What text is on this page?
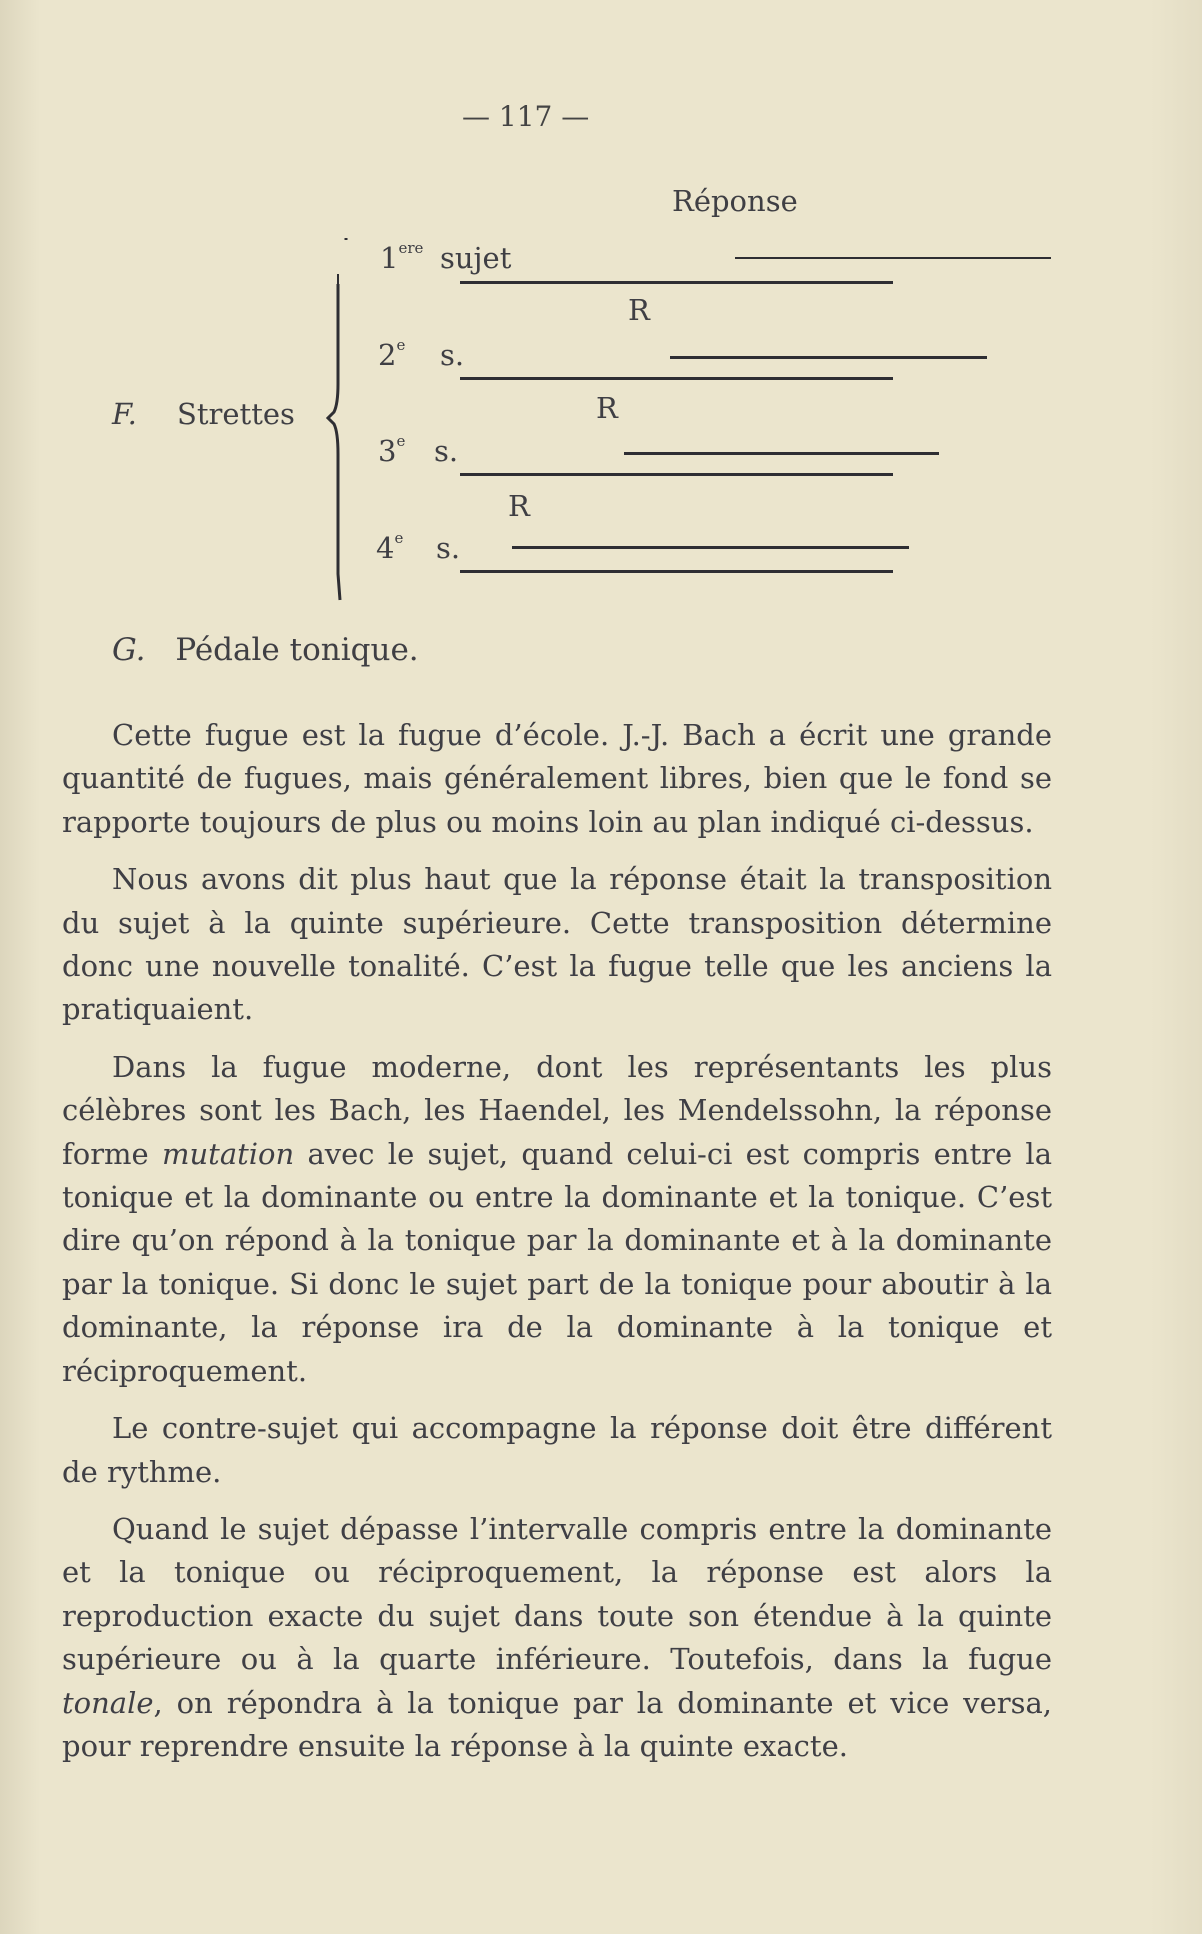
— 117 —
Réponse
F. Strettes
1ere sujet
R
2e s.
R
3e s.
R
4e s.
G. Pédale tonique.

Cette fugue est la fugue d’école. J.-J. Bach a écrit une grande quantité de fugues, mais généralement libres, bien que le fond se rapporte toujours de plus ou moins loin au plan indiqué ci-dessus.

Nous avons dit plus haut que la réponse était la transposition du sujet à la quinte supérieure. Cette transposition détermine donc une nouvelle tonalité. C’est la fugue telle que les anciens la pratiquaient.

Dans la fugue moderne, dont les représentants les plus célèbres sont les Bach, les Haendel, les Mendelssohn, la réponse forme mutation avec le sujet, quand celui-ci est compris entre la tonique et la dominante ou entre la dominante et la tonique. C’est dire qu’on répond à la tonique par la dominante et à la dominante par la tonique. Si donc le sujet part de la tonique pour aboutir à la dominante, la réponse ira de la dominante à la tonique et réciproquement.

Le contre-sujet qui accompagne la réponse doit être différent de rythme.

Quand le sujet dépasse l’intervalle compris entre la dominante et la tonique ou réciproquement, la réponse est alors la reproduction exacte du sujet dans toute son étendue à la quinte supérieure ou à la quarte inférieure. Toutefois, dans la fugue tonale, on répondra à la tonique par la dominante et vice versa, pour reprendre ensuite la réponse à la quinte exacte.
